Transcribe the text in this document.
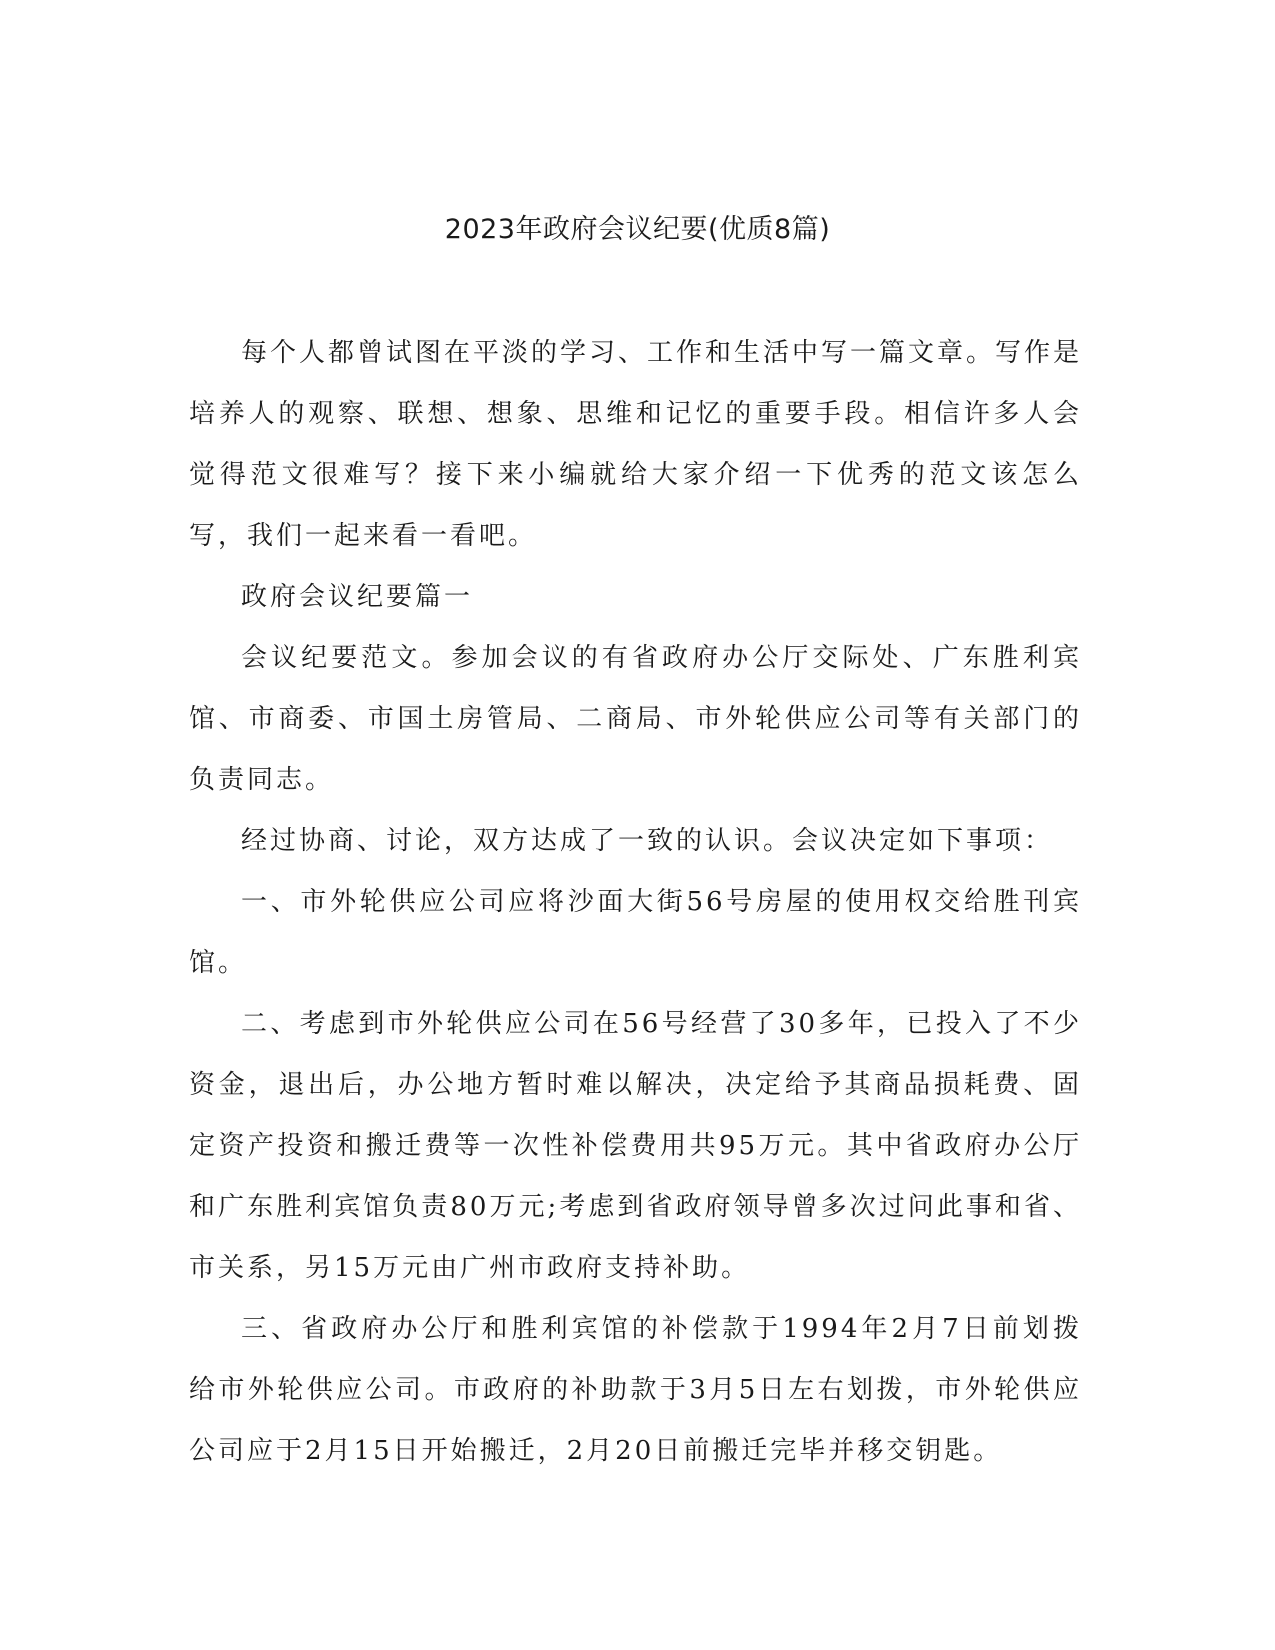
2023年政府会议纪要(优质8篇)

每个人都曾试图在平淡的学习、工作和生活中写一篇文章。写作是培养人的观察、联想、想象、思维和记忆的重要手段。相信许多人会觉得范文很难写？接下来小编就给大家介绍一下优秀的范文该怎么写，我们一起来看一看吧。

政府会议纪要篇一

会议纪要范文。参加会议的有省政府办公厅交际处、广东胜利宾馆、市商委、市国土房管局、二商局、市外轮供应公司等有关部门的负责同志。

经过协商、讨论，双方达成了一致的认识。会议决定如下事项：

一、市外轮供应公司应将沙面大街56号房屋的使用权交给胜刊宾馆。

二、考虑到市外轮供应公司在56号经营了30多年，已投入了不少资金，退出后，办公地方暂时难以解决，决定给予其商品损耗费、固定资产投资和搬迁费等一次性补偿费用共95万元。其中省政府办公厅和广东胜利宾馆负责80万元;考虑到省政府领导曾多次过问此事和省、市关系，另15万元由广州市政府支持补助。

三、省政府办公厅和胜利宾馆的补偿款于1994年2月7日前划拨给市外轮供应公司。市政府的补助款于3月5日左右划拨，市外轮供应公司应于2月15日开始搬迁，2月20日前搬迁完毕并移交钥匙。
